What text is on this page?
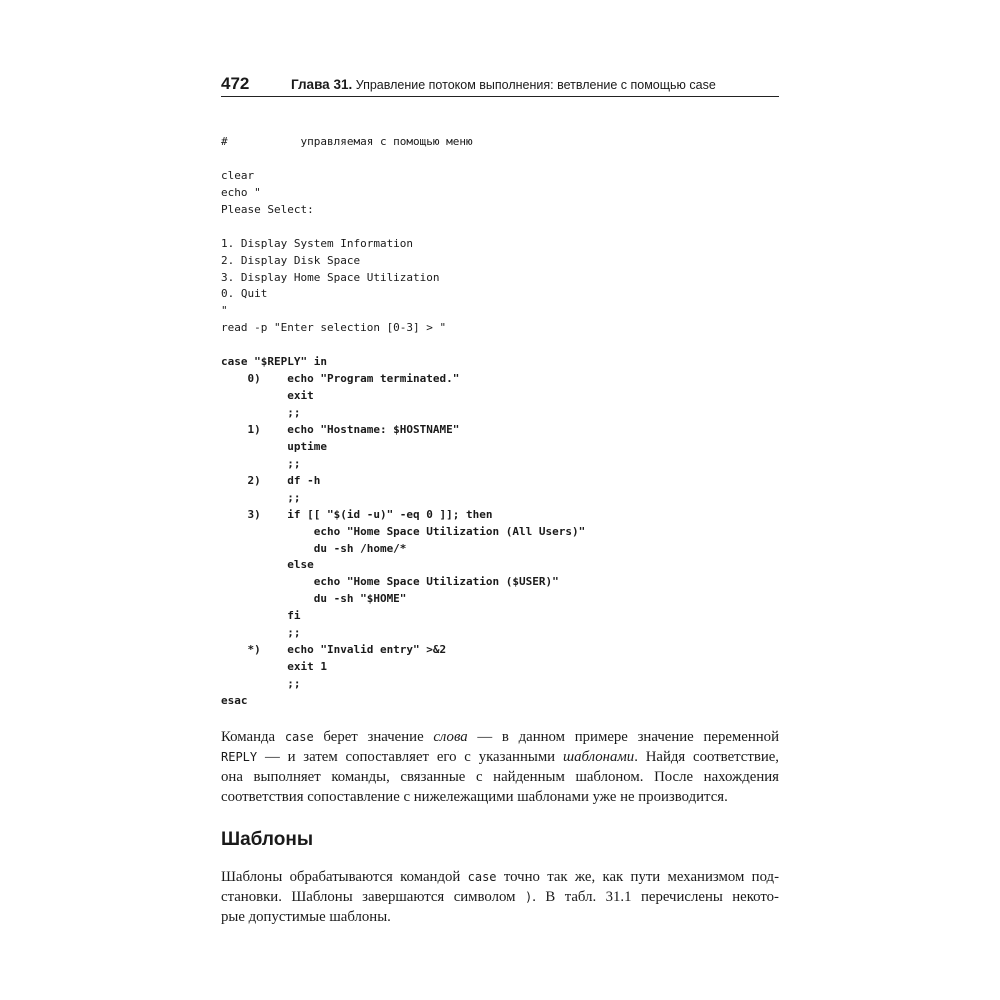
472	Глава 31. Управление потоком выполнения: ветвление с помощью case
#           управляемая с помощью меню
clear
echo "
Please Select:
1. Display System Information
2. Display Disk Space
3. Display Home Space Utilization
0. Quit
"
read -p "Enter selection [0-3] > "
case "$REPLY" in
0)    echo "Program terminated."
exit
;;
1)    echo "Hostname: $HOSTNAME"
uptime
;;
2)    df -h
;;
3)    if [[ "$(id -u)" -eq 0 ]]; then
echo "Home Space Utilization (All Users)"
du -sh /home/*
else
echo "Home Space Utilization ($USER)"
du -sh "$HOME"
fi
;;
*)    echo "Invalid entry" >&2
exit 1
;;
esac
Команда case берет значение слова — в данном примере значение переменной
REPLY — и затем сопоставляет его с указанными шаблонами. Найдя соответствие,
она выполняет команды, связанные с найденным шаблоном. После нахождения
соответствия сопоставление с нижележащими шаблонами уже не производится.
Шаблоны
Шаблоны обрабатываются командой case точно так же, как пути механизмом под-
становки. Шаблоны завершаются символом ). В табл. 31.1 перечислены некото-
рые допустимые шаблоны.
